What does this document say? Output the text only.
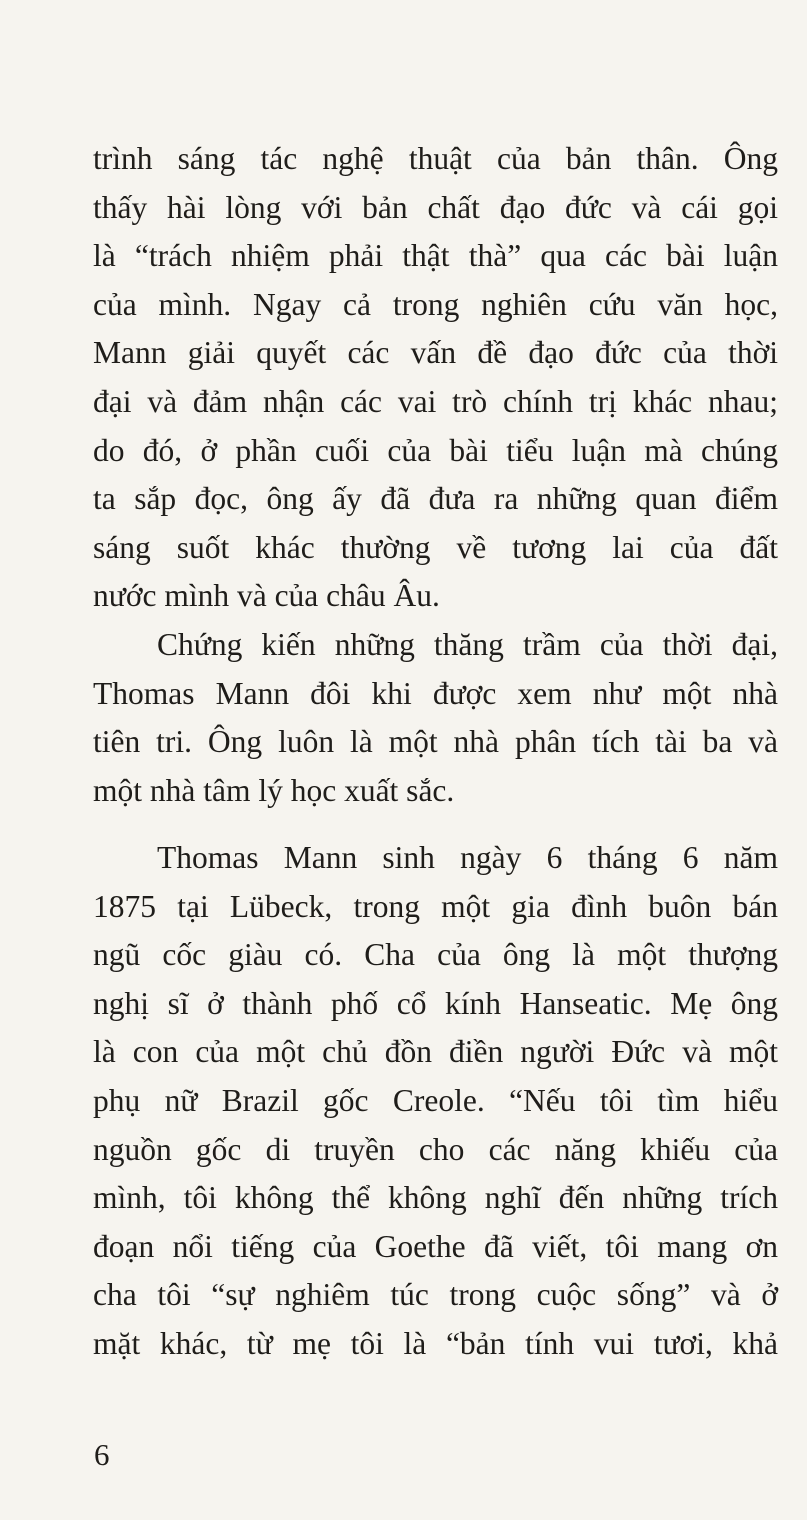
trình sáng tác nghệ thuật của bản thân. Ông
thấy hài lòng với bản chất đạo đức và cái gọi
là “trách nhiệm phải thật thà” qua các bài luận
của mình. Ngay cả trong nghiên cứu văn học,
Mann giải quyết các vấn đề đạo đức của thời
đại và đảm nhận các vai trò chính trị khác nhau;
do đó, ở phần cuối của bài tiểu luận mà chúng
ta sắp đọc, ông ấy đã đưa ra những quan điểm
sáng suốt khác thường về tương lai của đất
nước mình và của châu Âu.
Chứng kiến những thăng trầm của thời đại,
Thomas Mann đôi khi được xem như một nhà
tiên tri. Ông luôn là một nhà phân tích tài ba và
một nhà tâm lý học xuất sắc.
Thomas Mann sinh ngày 6 tháng 6 năm
1875 tại Lübeck, trong một gia đình buôn bán
ngũ cốc giàu có. Cha của ông là một thượng
nghị sĩ ở thành phố cổ kính Hanseatic. Mẹ ông
là con của một chủ đồn điền người Đức và một
phụ nữ Brazil gốc Creole. “Nếu tôi tìm hiểu
nguồn gốc di truyền cho các năng khiếu của
mình, tôi không thể không nghĩ đến những trích
đoạn nổi tiếng của Goethe đã viết, tôi mang ơn
cha tôi “sự nghiêm túc trong cuộc sống” và ở
mặt khác, từ mẹ tôi là “bản tính vui tươi, khả
6
